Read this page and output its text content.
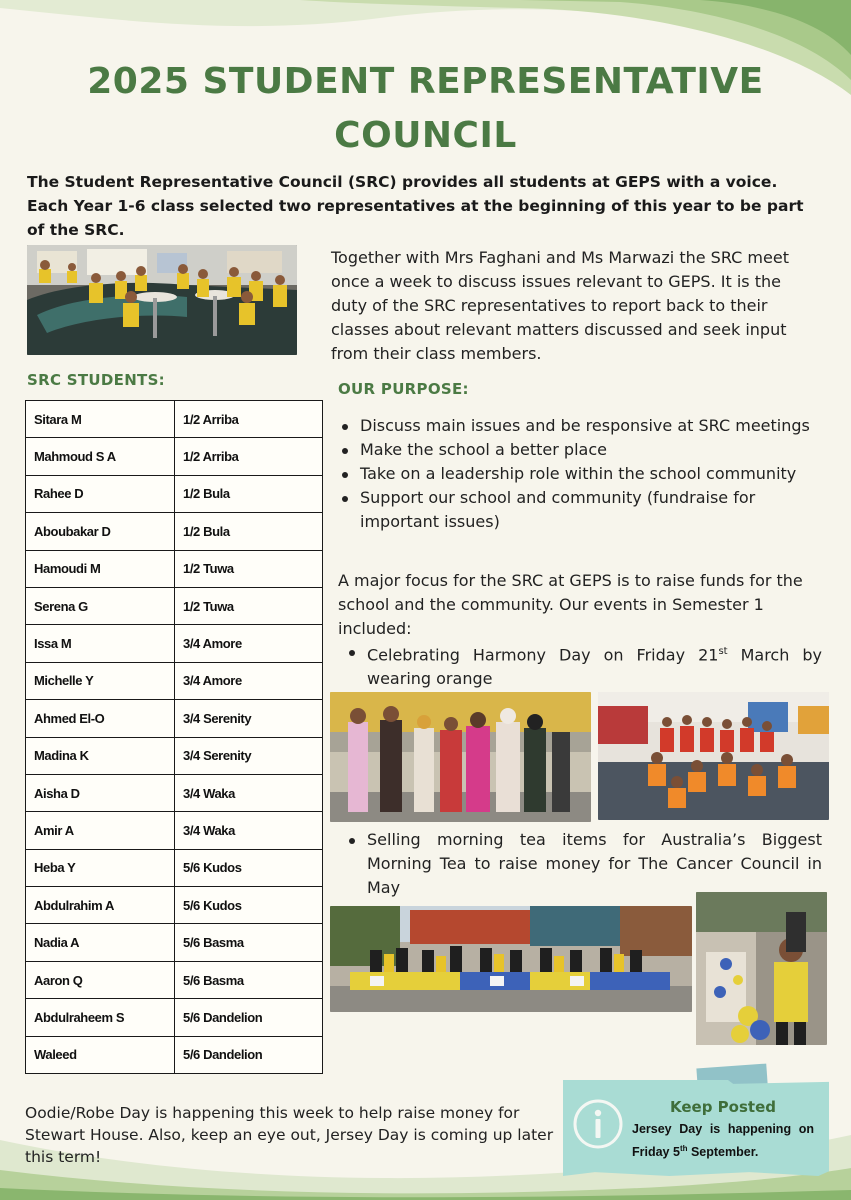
2025 STUDENT REPRESENTATIVE
COUNCIL

The Student Representative Council (SRC) provides all students at GEPS with a voice.

Each Year 1-6 class selected two representatives at the beginning of this year to be part of the SRC.

Together with Mrs Faghani and Ms Marwazi the SRC meet once a week to discuss issues relevant to GEPS. It is the duty of the SRC representatives to report back to their classes about relevant matters discussed and seek input from their class members.

SRC STUDENTS:
Sitara M	1/2 Arriba
Mahmoud S A	1/2 Arriba
Rahee D	1/2 Bula
Aboubakar D	1/2 Bula
Hamoudi M	1/2 Tuwa
Serena G	1/2 Tuwa
Issa M	3/4 Amore
Michelle Y	3/4 Amore
Ahmed El-O	3/4 Serenity
Madina K	3/4 Serenity
Aisha D	3/4 Waka
Amir A	3/4 Waka
Heba Y	5/6 Kudos
Abdulrahim A	5/6 Kudos
Nadia A	5/6 Basma
Aaron Q	5/6 Basma
Abdulraheem S	5/6 Dandelion
Waleed	5/6 Dandelion
OUR PURPOSE:
Discuss main issues and be responsive at SRC meetings
Make the school a better place
Take on a leadership role within the school community
Support our school and community (fundraise for important issues)

A major focus for the SRC at GEPS is to raise funds for the school and the community. Our events in Semester 1 included:

Celebrating Harmony Day on Friday 21st March by wearing orange
Selling morning tea items for Australia’s Biggest Morning Tea to raise money for The Cancer Council in May
Oodie/Robe Day is happening this week to help raise money for Stewart House. Also, keep an eye out, Jersey Day is coming up later this term!
Keep Posted
Jersey Day is happening on Friday 5th September.
